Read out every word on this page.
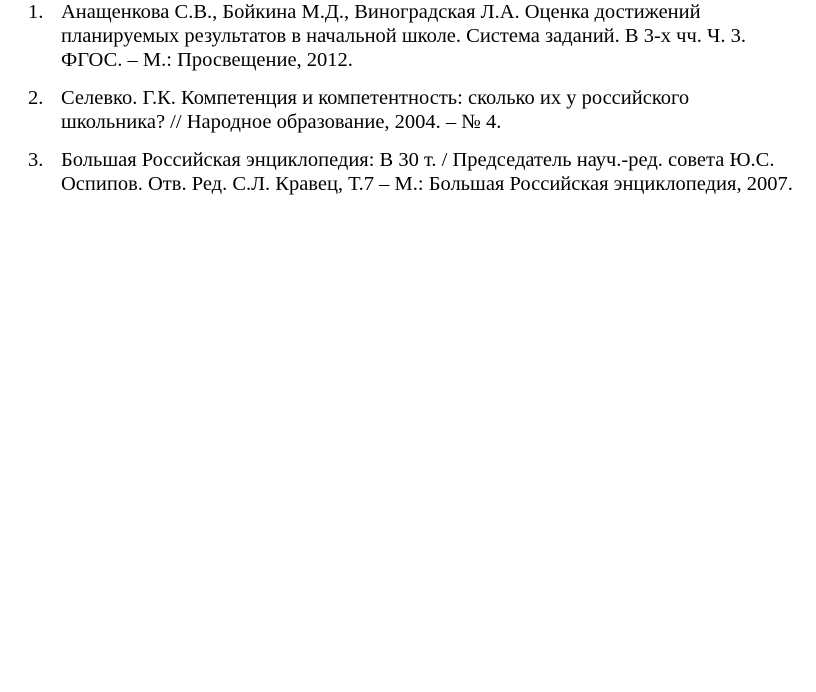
1. Анащенкова С.В., Бойкина М.Д., Виноградская Л.А. Оценка достижений
планируемых результатов в начальной школе. Система заданий. В 3-х чч. Ч. 3.
ФГОС. – М.: Просвещение, 2012.
2. Селевко. Г.К. Компетенция и компетентность: сколько их у российского
школьника? // Народное образование, 2004. – № 4.
3. Большая Российская энциклопедия: В 30 т. / Председатель науч.-ред. совета Ю.С.
Оспипов. Отв. Ред. С.Л. Кравец, Т.7 – М.: Большая Российская энциклопедия, 2007.
